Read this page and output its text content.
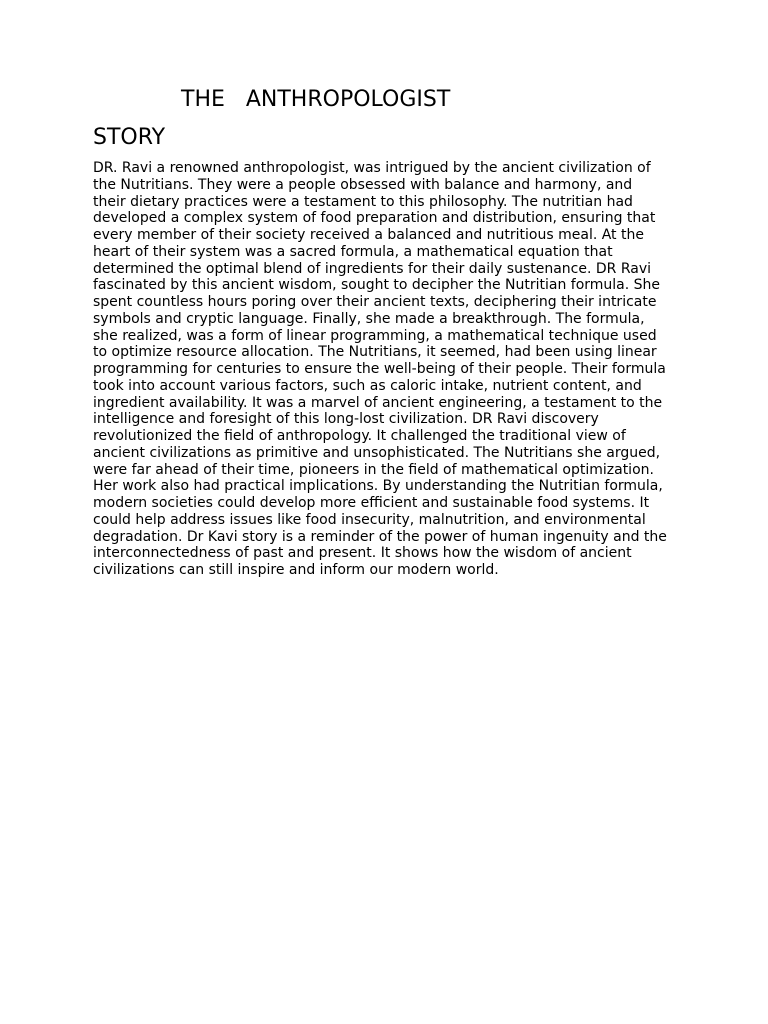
THE   ANTHROPOLOGIST
STORY
DR. Ravi a renowned anthropologist, was intrigued by the ancient civilization of
the Nutritians. They were a people obsessed with balance and harmony, and
their dietary practices were a testament to this philosophy. The nutritian had
developed a complex system of food preparation and distribution, ensuring that
every member of their society received a balanced and nutritious meal. At the
heart of their system was a sacred formula, a mathematical equation that
determined the optimal blend of ingredients for their daily sustenance. DR Ravi
fascinated by this ancient wisdom, sought to decipher the Nutritian formula. She
spent countless hours poring over their ancient texts, deciphering their intricate
symbols and cryptic language. Finally, she made a breakthrough. The formula,
she realized, was a form of linear programming, a mathematical technique used
to optimize resource allocation. The Nutritians, it seemed, had been using linear
programming for centuries to ensure the well-being of their people. Their formula
took into account various factors, such as caloric intake, nutrient content, and
ingredient availability. It was a marvel of ancient engineering, a testament to the
intelligence and foresight of this long-lost civilization. DR Ravi discovery
revolutionized the field of anthropology. It challenged the traditional view of
ancient civilizations as primitive and unsophisticated. The Nutritians she argued,
were far ahead of their time, pioneers in the field of mathematical optimization.
Her work also had practical implications. By understanding the Nutritian formula,
modern societies could develop more efficient and sustainable food systems. It
could help address issues like food insecurity, malnutrition, and environmental
degradation. Dr Kavi story is a reminder of the power of human ingenuity and the
interconnectedness of past and present. It shows how the wisdom of ancient
civilizations can still inspire and inform our modern world.
